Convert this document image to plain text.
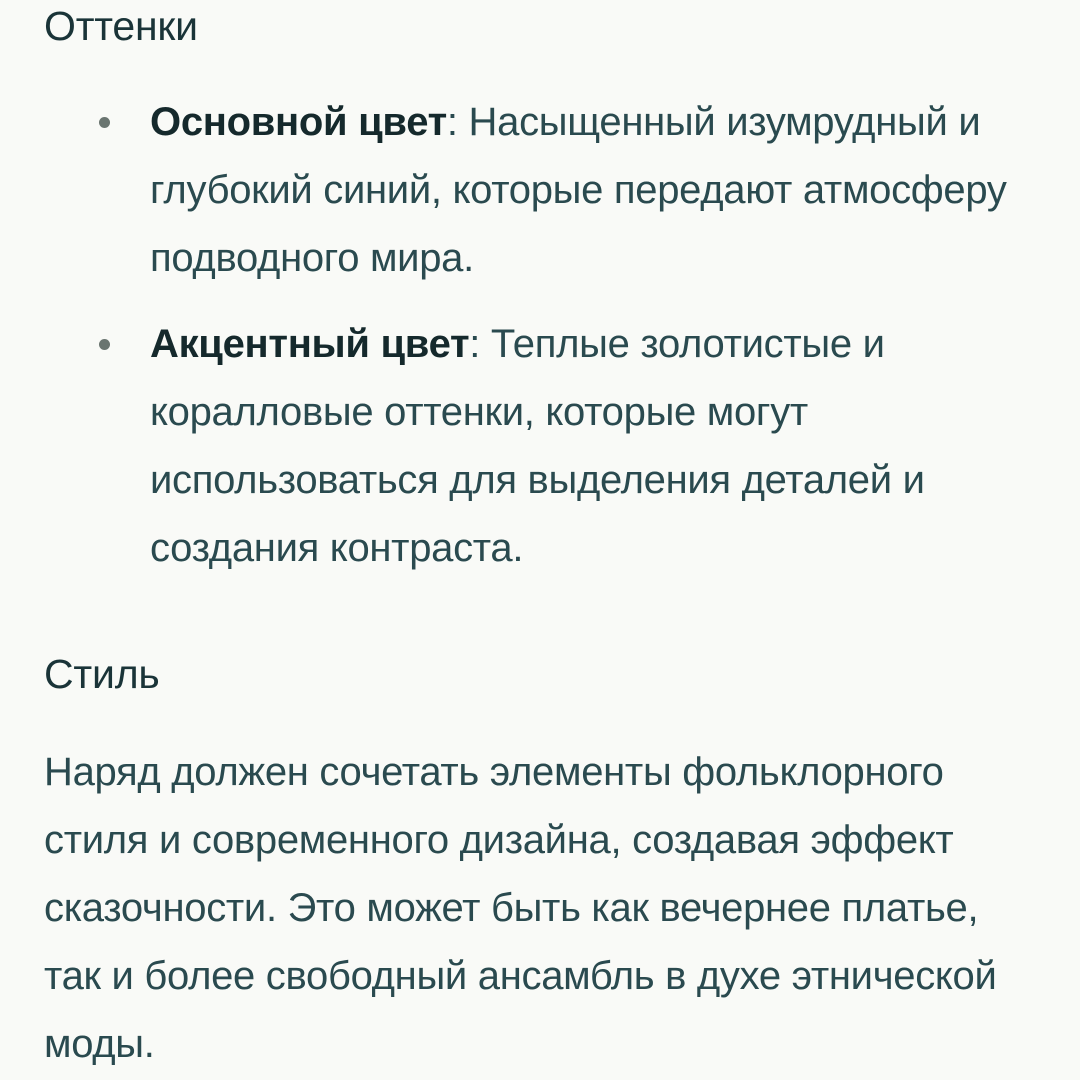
Оттенки
Основной цвет: Насыщенный изумрудный и глубокий синий, которые передают атмосферу подводного мира.
Акцентный цвет: Теплые золотистые и коралловые оттенки, которые могут использоваться для выделения деталей и создания контраста.
Стиль

Наряд должен сочетать элементы фольклорного стиля и современного дизайна, создавая эффект сказочности. Это может быть как вечернее платье, так и более свободный ансамбль в духе этнической моды.
